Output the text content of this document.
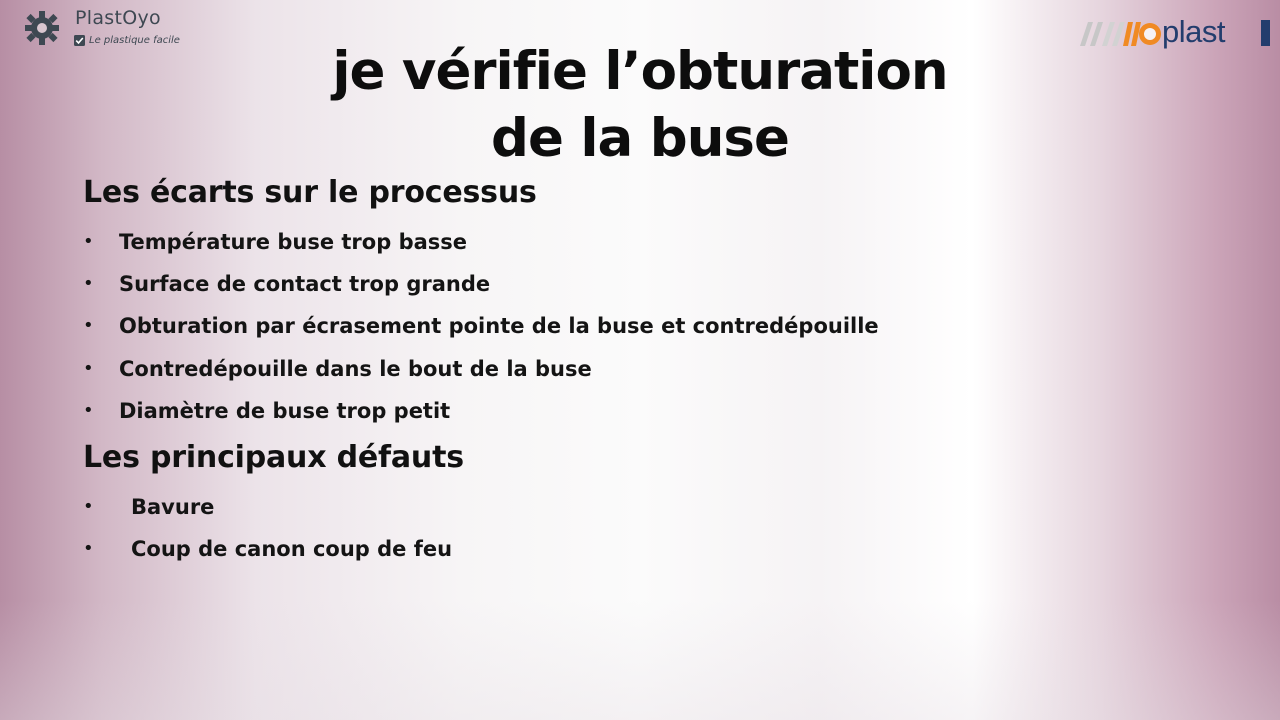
PlastOyo
Le plastique facile	plast
je vérifie l’obturation
de la buse
Les écarts sur le processus
• Température buse trop basse
• Surface de contact trop grande
• Obturation par écrasement pointe de la buse et contredépouille
• Contredépouille dans le bout de la buse
• Diamètre de buse trop petit
Les principaux défauts
• Bavure
• Coup de canon coup de feu
